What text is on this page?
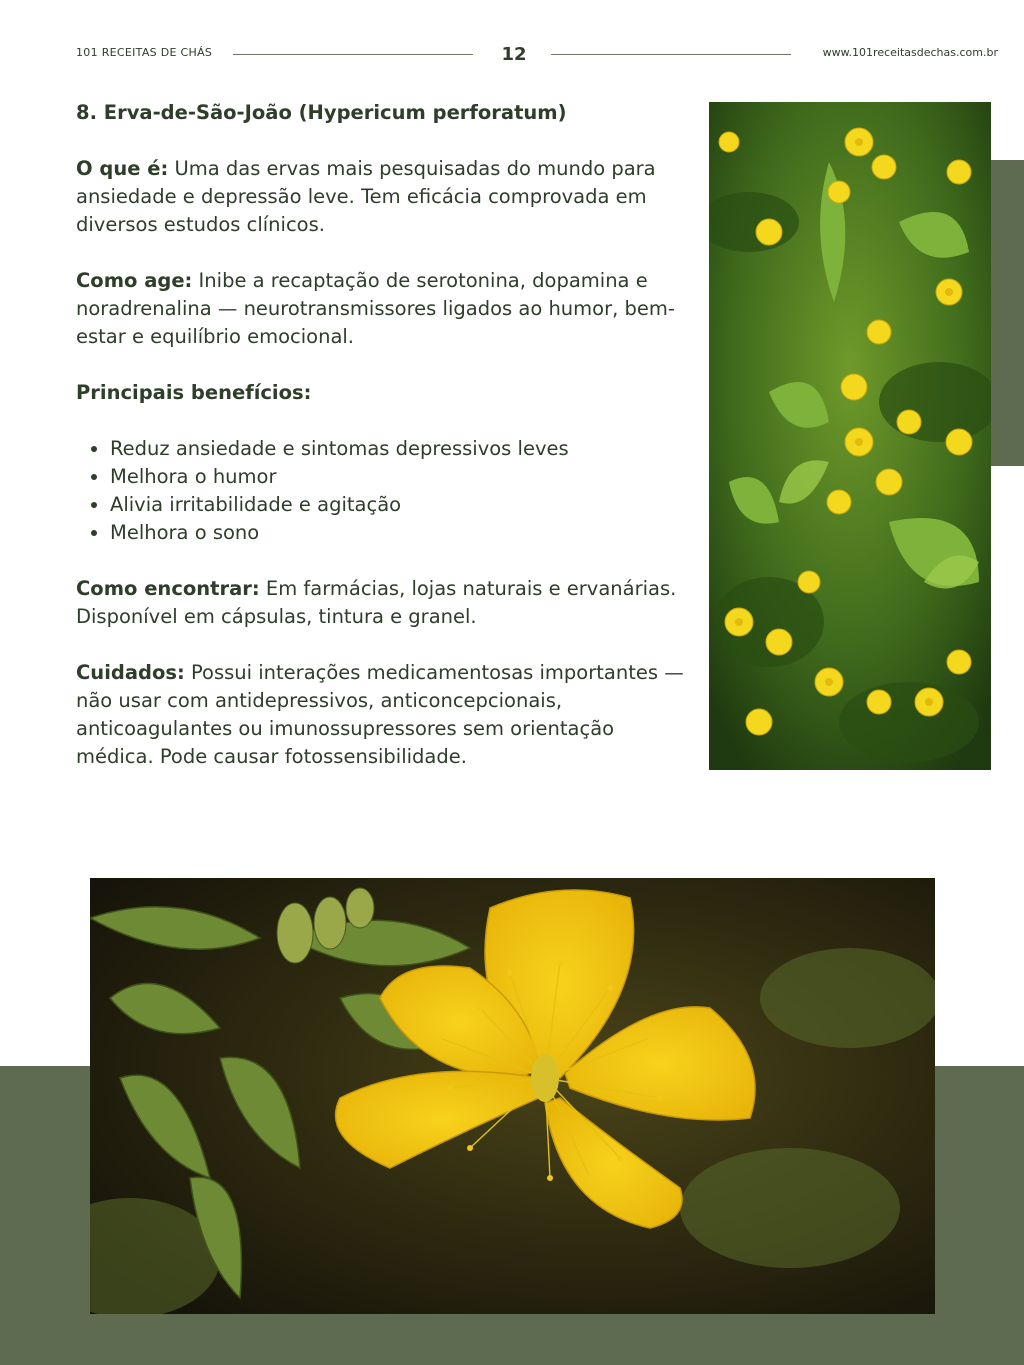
101 RECEITAS DE CHÁS	12	www.101receitasdechas.com.br
8. Erva-de-São-João (Hypericum perforatum)

O que é: Uma das ervas mais pesquisadas do mundo para ansiedade e depressão leve. Tem eficácia comprovada em diversos estudos clínicos.

Como age: Inibe a recaptação de serotonina, dopamina e noradrenalina — neurotransmissores ligados ao humor, bem-estar e equilíbrio emocional.

Principais benefícios:

• Reduz ansiedade e sintomas depressivos leves
• Melhora o humor
• Alivia irritabilidade e agitação
• Melhora o sono

Como encontrar: Em farmácias, lojas naturais e ervanárias. Disponível em cápsulas, tintura e granel.

Cuidados: Possui interações medicamentosas importantes — não usar com antidepressivos, anticoncepcionais, anticoagulantes ou imunossupressores sem orientação médica. Pode causar fotossensibilidade.
